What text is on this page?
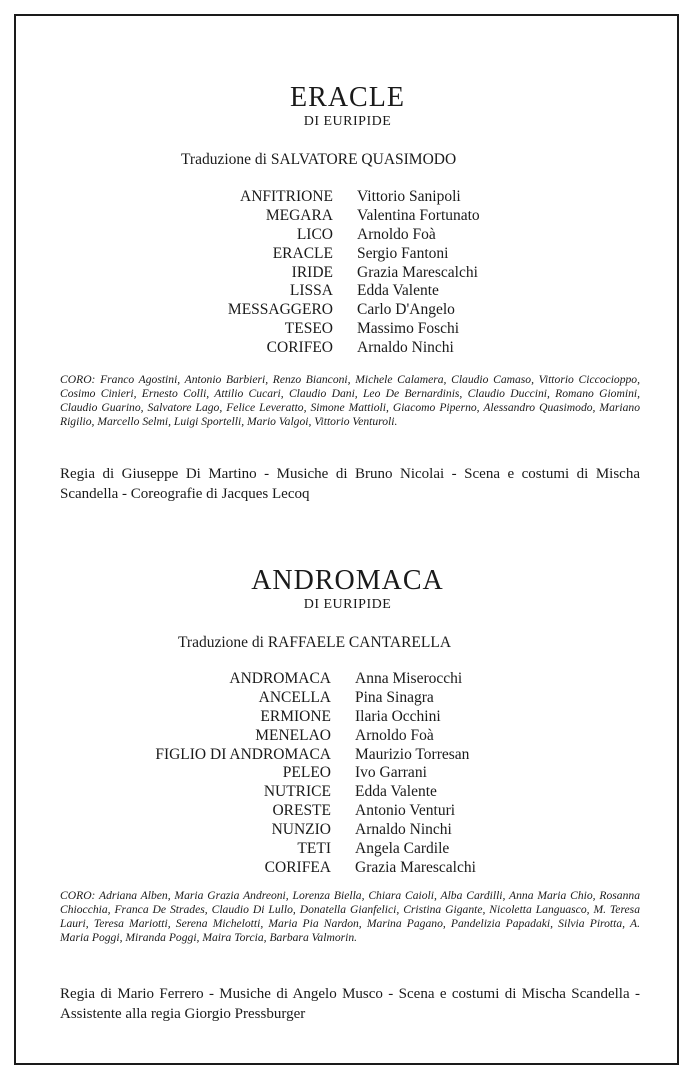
ERACLE
DI EURIPIDE
Traduzione di SALVATORE QUASIMODO
ANFITRIONE Vittorio Sanipoli
MEGARA Valentina Fortunato
LICO Arnoldo Foà
ERACLE Sergio Fantoni
IRIDE Grazia Marescalchi
LISSA Edda Valente
MESSAGGERO Carlo D'Angelo
TESEO Massimo Foschi
CORIFEO Arnaldo Ninchi
CORO: Franco Agostini, Antonio Barbieri, Renzo Bianconi, Michele Calamera, Claudio Camaso, Vittorio Ciccocioppo, Cosimo Cinieri, Ernesto Colli, Attilio Cucari, Claudio Dani, Leo De Bernardinis, Claudio Duccini, Romano Giomini, Claudio Guarino, Salvatore Lago, Felice Leveratto, Simone Mattioli, Giacomo Piperno, Alessandro Quasimodo, Mariano Rigilio, Marcello Selmi, Luigi Sportelli, Mario Valgoi, Vittorio Venturoli.
Regia di Giuseppe Di Martino - Musiche di Bruno Nicolai - Scena e costumi di Mischa Scandella - Coreografie di Jacques Lecoq
ANDROMACA
DI EURIPIDE
Traduzione di RAFFAELE CANTARELLA
ANDROMACA Anna Miserocchi
ANCELLA Pina Sinagra
ERMIONE Ilaria Occhini
MENELAO Arnoldo Foà
FIGLIO DI ANDROMACA Maurizio Torresan
PELEO Ivo Garrani
NUTRICE Edda Valente
ORESTE Antonio Venturi
NUNZIO Arnaldo Ninchi
TETI Angela Cardile
CORIFEA Grazia Marescalchi
CORO: Adriana Alben, Maria Grazia Andreoni, Lorenza Biella, Chiara Caioli, Alba Cardilli, Anna Maria Chio, Rosanna Chiocchia, Franca De Strades, Claudio Di Lullo, Donatella Gianfelici, Cristina Gigante, Nicoletta Languasco, M. Teresa Lauri, Teresa Mariotti, Serena Michelotti, Maria Pia Nardon, Marina Pagano, Pandelizia Papadaki, Silvia Pirotta, A. Maria Poggi, Miranda Poggi, Maira Torcia, Barbara Valmorin.
Regia di Mario Ferrero - Musiche di Angelo Musco - Scena e costumi di Mischa Scandella - Assistente alla regia Giorgio Pressburger
